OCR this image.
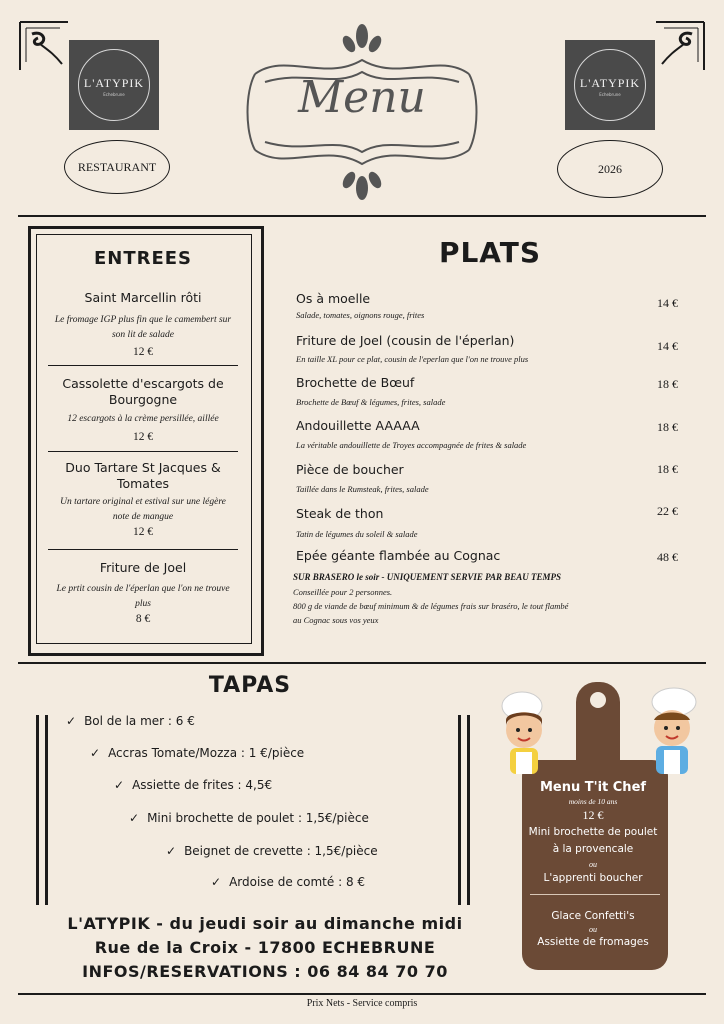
L'ATYPIK
Echebrune
L'ATYPIK
Echebrune
RESTAURANT	2026
Menu
ENTREES
Saint Marcellin rôti
Le fromage IGP plus fin que le camembert sur son lit de salade
12 €
Cassolette d'escargots de Bourgogne
12 escargots à la crème persillée, aillée
12 €
Duo Tartare St Jacques & Tomates
Un tartare original et estival sur une légère note de mangue
12 €
Friture de Joel
Le prtit cousin de l'éperlan que l'on ne trouve plus
8 €
PLATS
Os à moelle
Salade, tomates, oignons rouge, frites
14 €
Friture de Joel (cousin de l'éperlan)
En taille XL pour ce plat, cousin de l'eperlan que l'on ne trouve plus
14 €
Brochette de Bœuf
Brochette de Bœuf & légumes, frites, salade
18 €
Andouillette AAAAA
La véritable andouillette de Troyes accompagnée de frites & salade
18 €
Pièce de boucher
Taillée dans le Rumsteak, frites, salade
18 €
Steak de thon
Tatin de légumes du soleil & salade
22 €
Epée géante flambée au Cognac	48 €
SUR BRASERO le soir - UNIQUEMENT SERVIE PAR BEAU TEMPS
Conseillée pour 2 personnes.
800 g de viande de bœuf minimum & de légumes frais sur braséro, le tout flambé
au Cognac sous vos yeux
TAPAS
✓ Bol de la mer : 6 €
✓ Accras Tomate/Mozza : 1 €/pièce
✓ Assiette de frites : 4,5€
✓ Mini brochette de poulet : 1,5€/pièce
✓ Beignet de crevette : 1,5€/pièce
✓ Ardoise de comté : 8 €
Menu T'it Chef
moins de 10 ans
12 €
Mini brochette de poulet
à la provencale
ou
L'apprenti boucher
Glace Confetti's
ou
Assiette de fromages
L'ATYPIK - du jeudi soir au dimanche midi
Rue de la Croix - 17800 ECHEBRUNE
INFOS/RESERVATIONS : 06 84 84 70 70
Prix Nets - Service compris
